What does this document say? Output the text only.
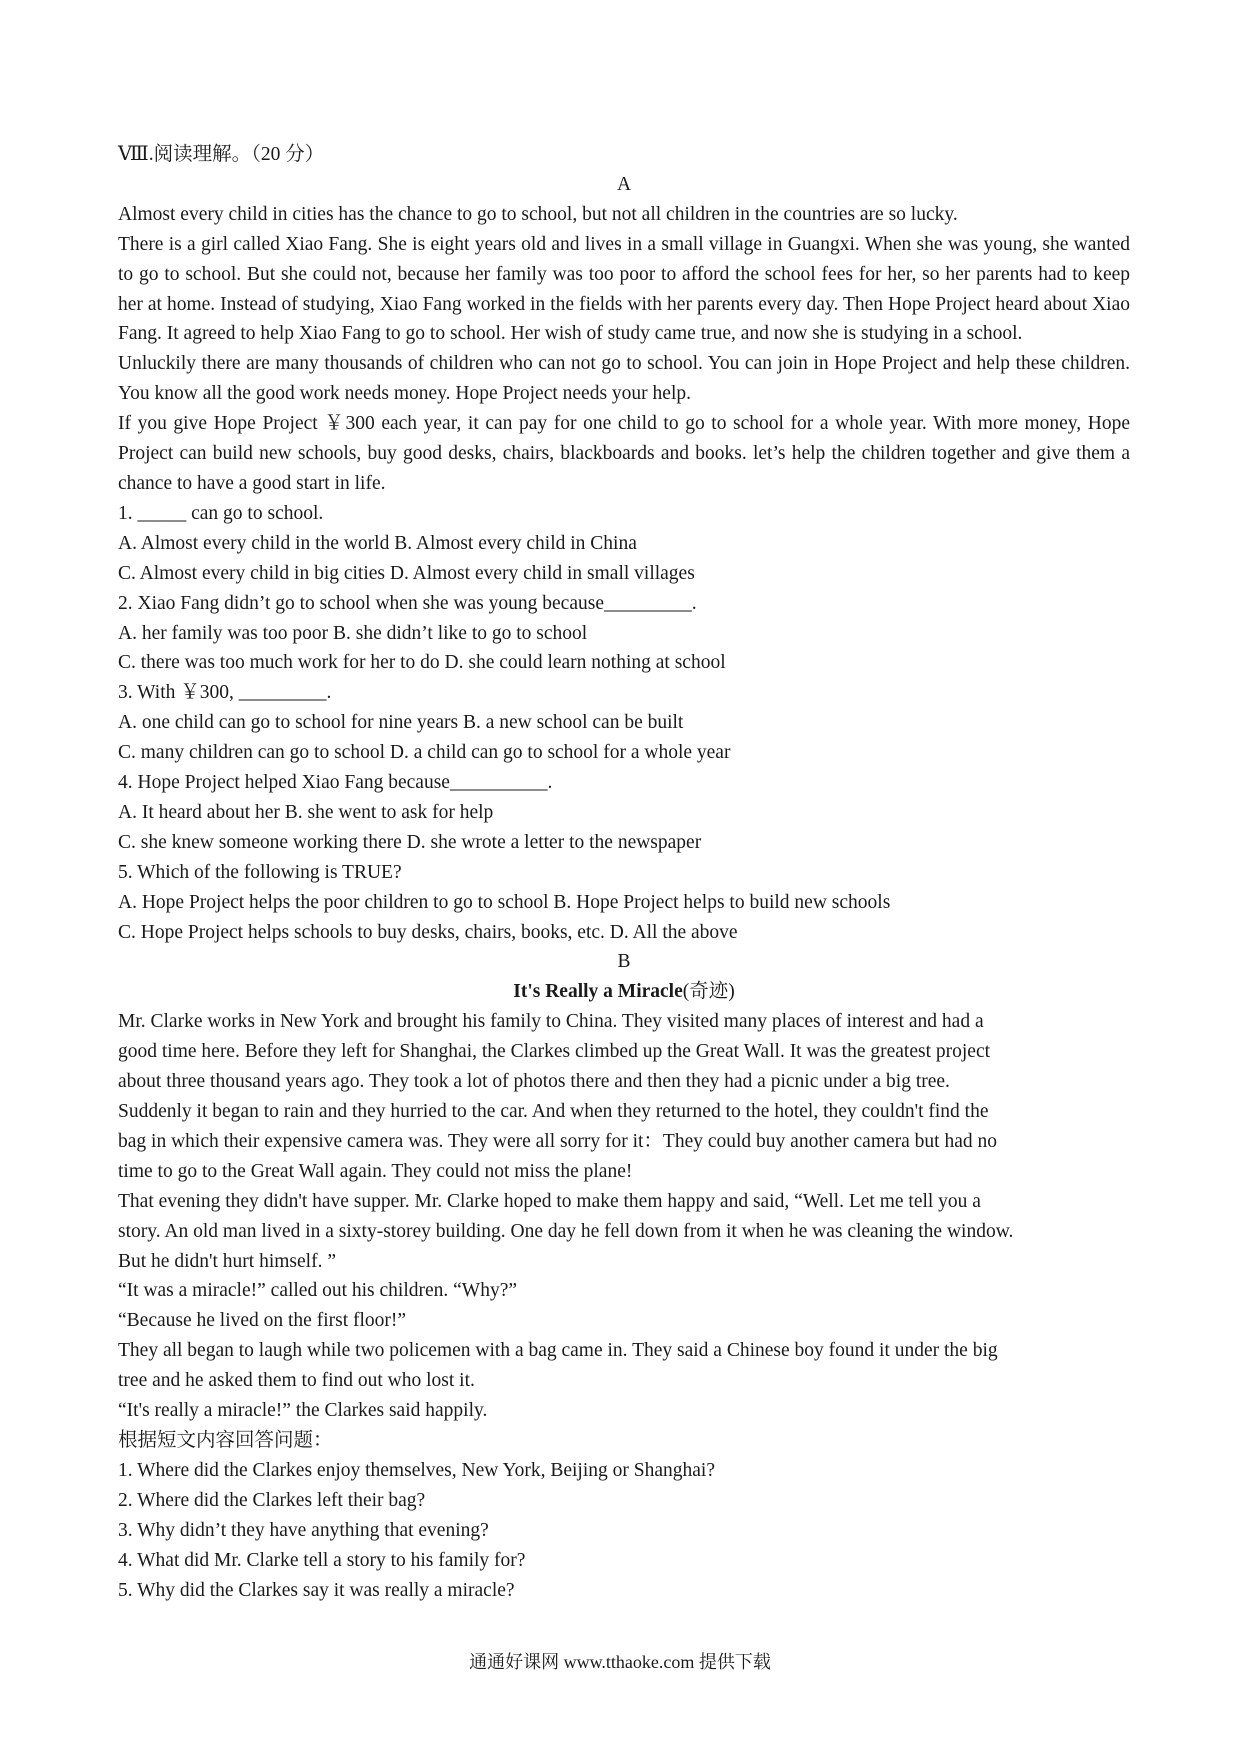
Ⅷ.阅读理解。（20 分）
A
Almost every child in cities has the chance to go to school, but not all children in the countries are so lucky.
There is a girl called Xiao Fang. She is eight years old and lives in a small village in Guangxi. When she was young, she wanted to go to school. But she could not, because her family was too poor to afford the school fees for her, so her parents had to keep her at home. Instead of studying, Xiao Fang worked in the fields with her parents every day. Then Hope Project heard about Xiao Fang. It agreed to help Xiao Fang to go to school. Her wish of study came true, and now she is studying in a school.
Unluckily there are many thousands of children who can not go to school. You can join in Hope Project and help these children. You know all the good work needs money. Hope Project needs your help.
If you give Hope Project ￥300 each year, it can pay for one child to go to school for a whole year. With more money, Hope Project can build new schools, buy good desks, chairs, blackboards and books. let’s help the children together and give them a chance to have a good start in life.
1. _____ can go to school.
A. Almost every child in the world B. Almost every child in China
C. Almost every child in big cities D. Almost every child in small villages
2. Xiao Fang didn’t go to school when she was young because_________.
A. her family was too poor B. she didn’t like to go to school
C. there was too much work for her to do D. she could learn nothing at school
3. With ￥300, _________.
A. one child can go to school for nine years B. a new school can be built
C. many children can go to school D. a child can go to school for a whole year
4. Hope Project helped Xiao Fang because__________.
A. It heard about her B. she went to ask for help
C. she knew someone working there D. she wrote a letter to the newspaper
5. Which of the following is TRUE?
A. Hope Project helps the poor children to go to school B. Hope Project helps to build new schools
C. Hope Project helps schools to buy desks, chairs, books, etc. D. All the above
B
It's Really a Miracle(奇迹)
Mr. Clarke works in New York and brought his family to China. They visited many places of interest and had a
good time here. Before they left for Shanghai, the Clarkes climbed up the Great Wall. It was the greatest project
about three thousand years ago. They took a lot of photos there and then they had a picnic under a big tree.
Suddenly it began to rain and they hurried to the car. And when they returned to the hotel, they couldn't find the
bag in which their expensive camera was. They were all sorry for it：They could buy another camera but had no
time to go to the Great Wall again. They could not miss the plane!
That evening they didn't have supper. Mr. Clarke hoped to make them happy and said, “Well. Let me tell you a
story. An old man lived in a sixty-storey building. One day he fell down from it when he was cleaning the window.
But he didn't hurt himself. ”
“It was a miracle!” called out his children. “Why?”
“Because he lived on the first floor!”
They all began to laugh while two policemen with a bag came in. They said a Chinese boy found it under the big
tree and he asked them to find out who lost it.
“It's really a miracle!” the Clarkes said happily.
根据短文内容回答问题：
1. Where did the Clarkes enjoy themselves, New York, Beijing or Shanghai?
2. Where did the Clarkes left their bag?
3. Why didn’t they have anything that evening?
4. What did Mr. Clarke tell a story to his family for?
5. Why did the Clarkes say it was really a miracle?
通通好课网 www.tthaoke.com 提供下载
